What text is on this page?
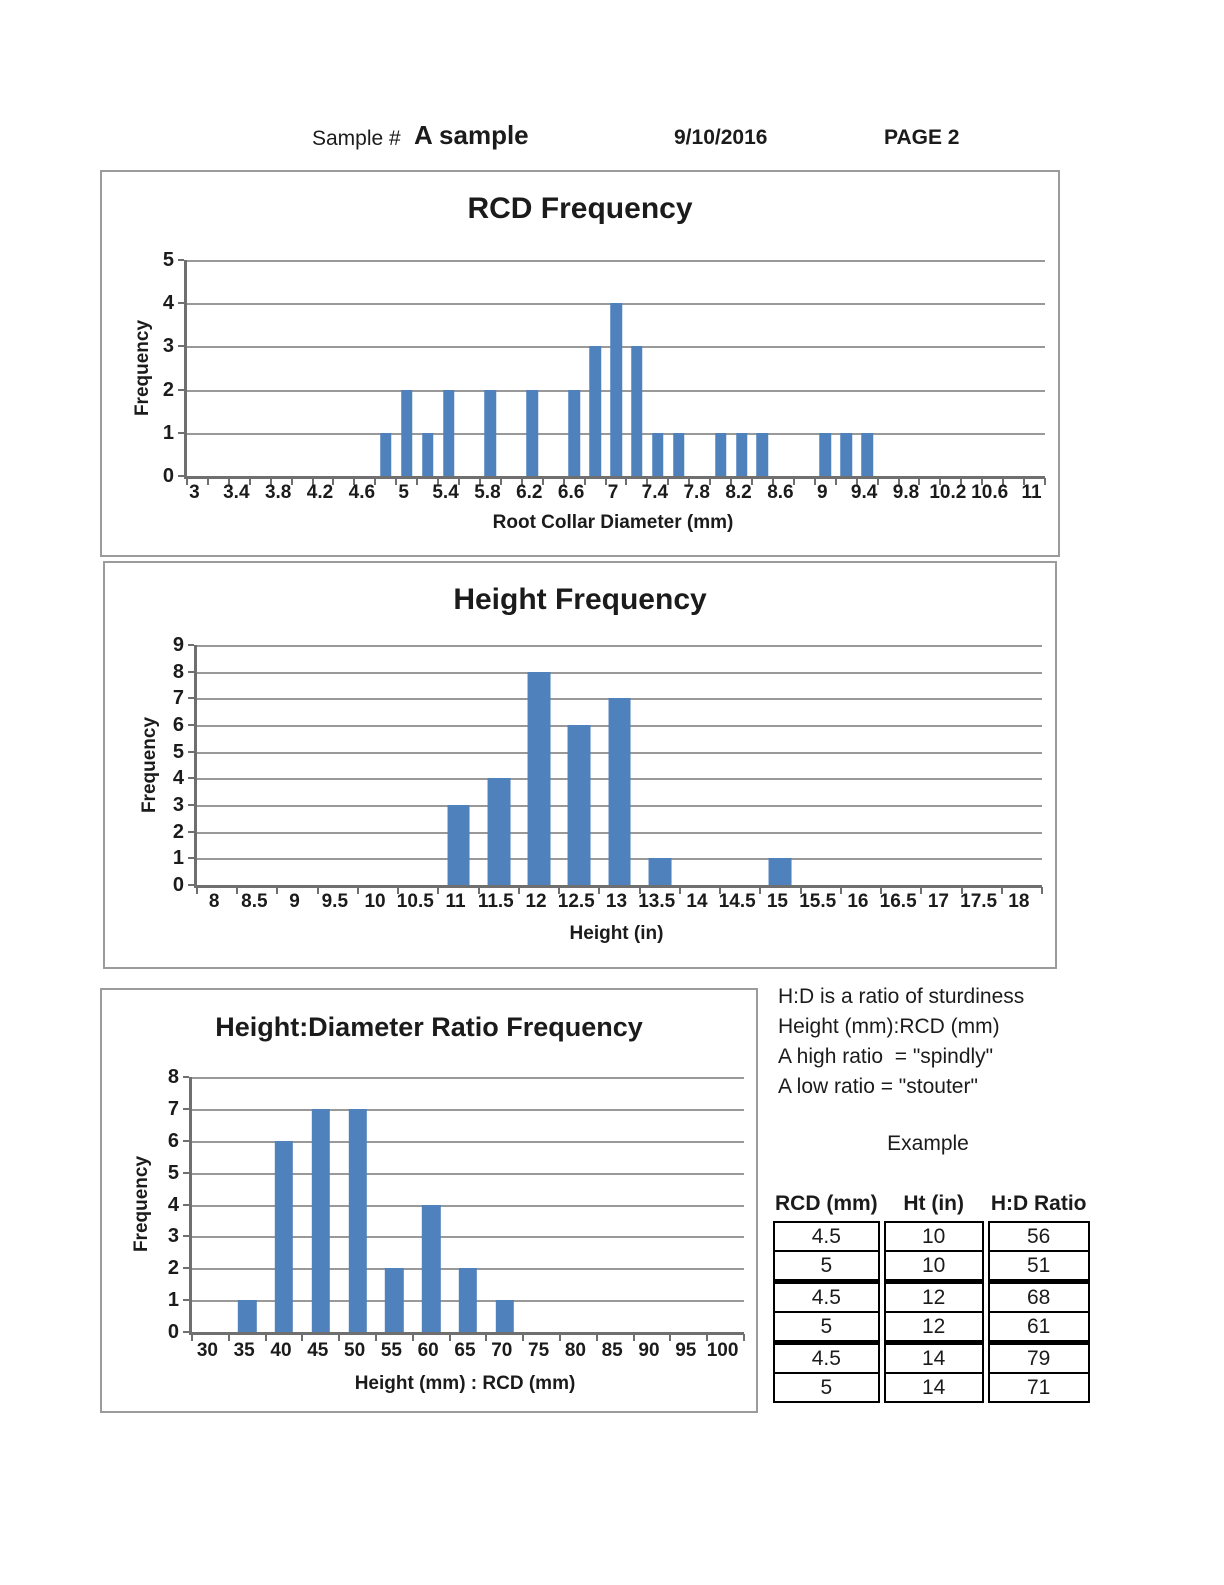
Sample # A sample	9/10/2016	PAGE 2
RCD Frequency
Frequency
0
1
2
3
4
5
3 3.4 3.8 4.2 4.6 5 5.4 5.8 6.2 6.6 7 7.4 7.8 8.2 8.6 9 9.4 9.8 10.2 10.6 11
Root Collar Diameter (mm)
Height Frequency
Frequency
0
1
2
3
4
5
6
7
8
9
8 8.5 9 9.5 10 10.5 11 11.5 12 12.5 13 13.5 14 14.5 15 15.5 16 16.5 17 17.5 18
Height (in)
Height:Diameter Ratio Frequency
Frequency
0
1
2
3
4
5
6
7
8
30 35 40 45 50 55 60 65 70 75 80 85 90 95 100
Height (mm) : RCD (mm)
H:D is a ratio of sturdiness
Height (mm):RCD (mm)
A high ratio  = "spindly"
A low ratio = "stouter"
Example
RCD (mm)	Ht (in)	H:D Ratio
4.5	10	56
5	10	51
4.5	12	68
5	12	61
4.5	14	79
5	14	71
